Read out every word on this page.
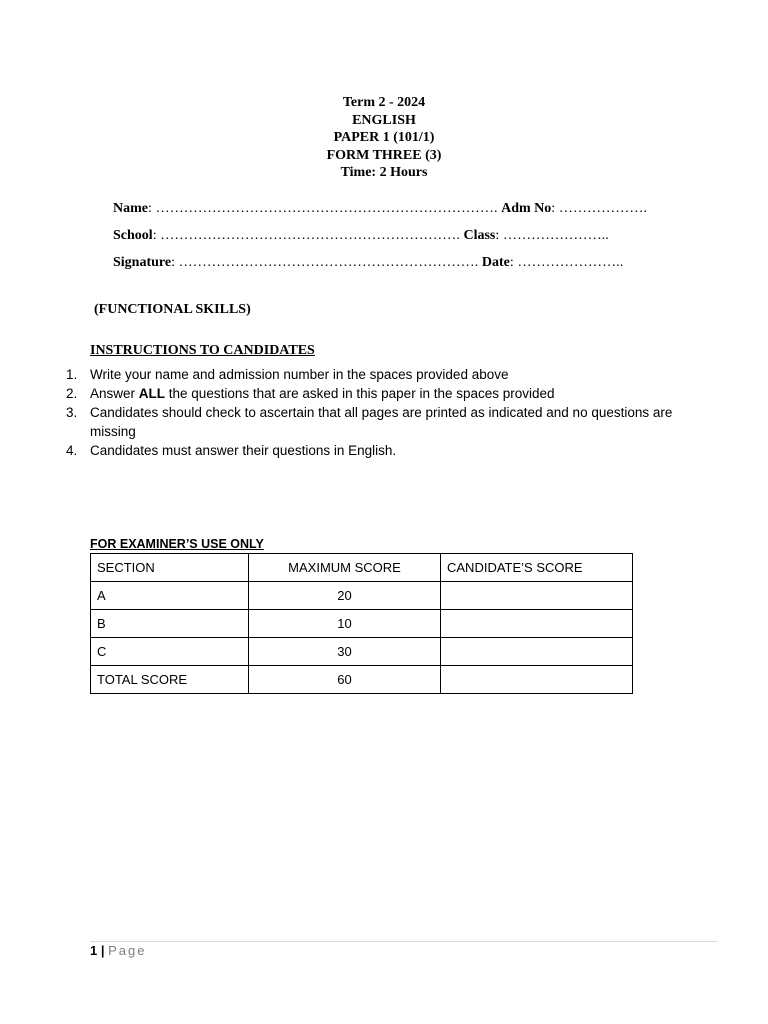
Term 2 - 2024
ENGLISH
PAPER 1 (101/1)
FORM THREE (3)
Time: 2 Hours
Name: ………………………………………………………………. Adm No: ……………….
School: ………………………………………………………. Class: …………………..
Signature: ………………………………………………………. Date: …………………..
(FUNCTIONAL SKILLS)
INSTRUCTIONS TO CANDIDATES
1. Write your name and admission number in the spaces provided above
2. Answer ALL the questions that are asked in this paper in the spaces provided
3. Candidates should check to ascertain that all pages are printed as indicated and no questions are missing
4. Candidates must answer their questions in English.
FOR EXAMINER’S USE ONLY
SECTION	MAXIMUM SCORE	CANDIDATE’S SCORE
A	20	
B	10	
C	30	
TOTAL SCORE	60	
1 | Page
